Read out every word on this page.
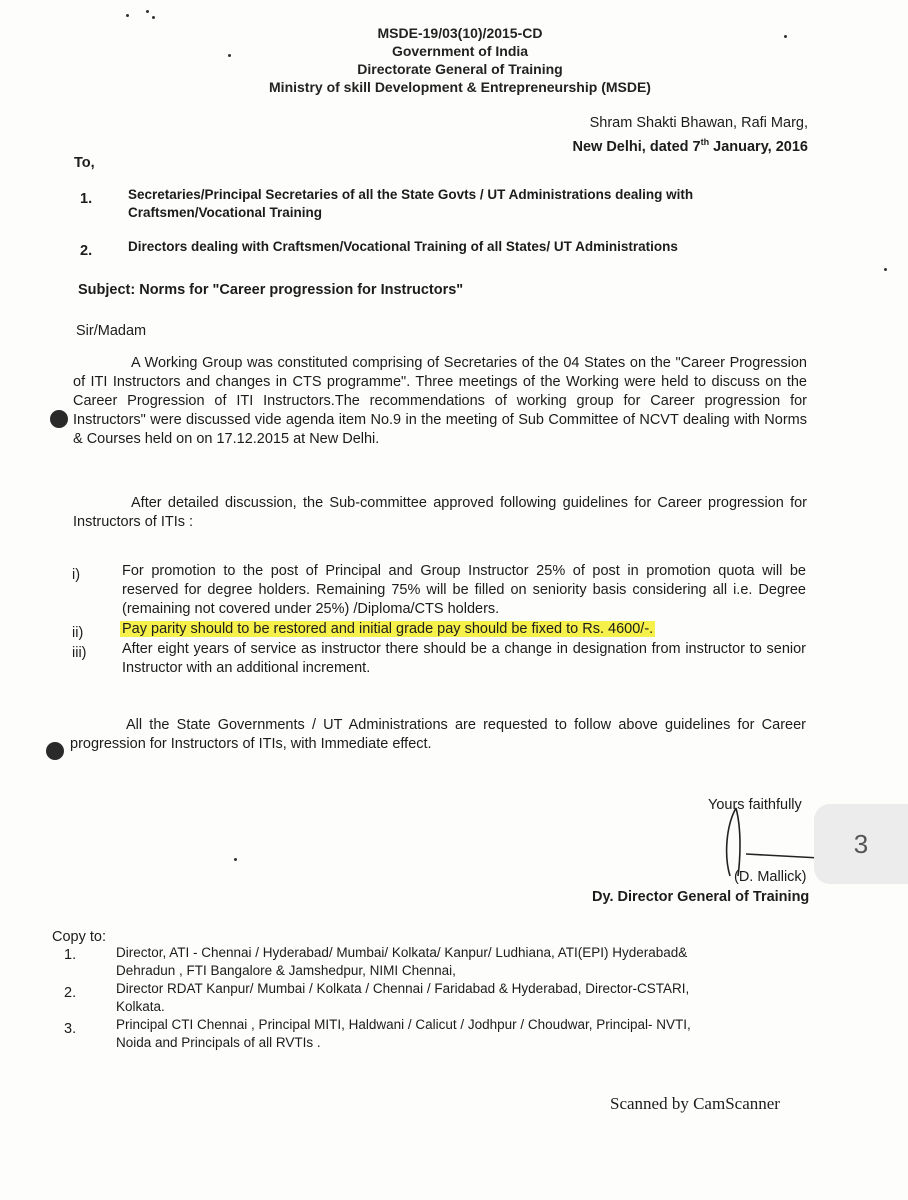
MSDE-19/03(10)/2015-CD
Government of India
Directorate General of Training
Ministry of skill Development & Entrepreneurship (MSDE)
Shram Shakti Bhawan, Rafi Marg,
New Delhi, dated 7th January, 2016
To,
1.	Secretaries/Principal Secretaries of all the State Govts / UT Administrations dealing with
Craftsmen/Vocational Training
2.	Directors dealing with Craftsmen/Vocational Training of all States/ UT Administrations
Subject: Norms for "Career progression for Instructors"
Sir/Madam
A Working Group was constituted comprising of Secretaries of the 04 States on the "Career Progression of ITI Instructors and changes in CTS programme". Three meetings of the Working were held to discuss on the Career Progression of ITI Instructors.The recommendations of working group for Career progression for Instructors" were discussed vide agenda item No.9 in the meeting of Sub Committee of NCVT dealing with Norms & Courses held on on 17.12.2015 at New Delhi.
After detailed discussion, the Sub-committee approved following guidelines for Career progression for Instructors of ITIs :
i)	For promotion to the post of Principal and Group Instructor 25% of post in promotion quota will be reserved for degree holders. Remaining 75% will be filled on seniority basis considering all i.e. Degree (remaining not covered under 25%) /Diploma/CTS holders.
ii)	Pay parity should to be restored and initial grade pay should be fixed to Rs. 4600/-.
iii) After eight years of service as instructor there should be a change in designation from instructor to senior Instructor with an additional increment.
All the State Governments / UT Administrations are requested to follow above guidelines for Career progression for Instructors of ITIs, with Immediate effect.
Yours faithfully
(D. Mallick)
Dy. Director General of Training
3
Copy to:
1.	Director, ATI - Chennai / Hyderabad/ Mumbai/ Kolkata/ Kanpur/ Ludhiana, ATI(EPI) Hyderabad&
Dehradun , FTI Bangalore & Jamshedpur, NIMI Chennai,
2.	Director RDAT Kanpur/ Mumbai / Kolkata / Chennai / Faridabad & Hyderabad, Director-CSTARI,
Kolkata.
3.	Principal CTI Chennai , Principal MITI, Haldwani / Calicut / Jodhpur / Choudwar, Principal- NVTI,
Noida and Principals of all RVTIs .
Scanned by CamScanner
